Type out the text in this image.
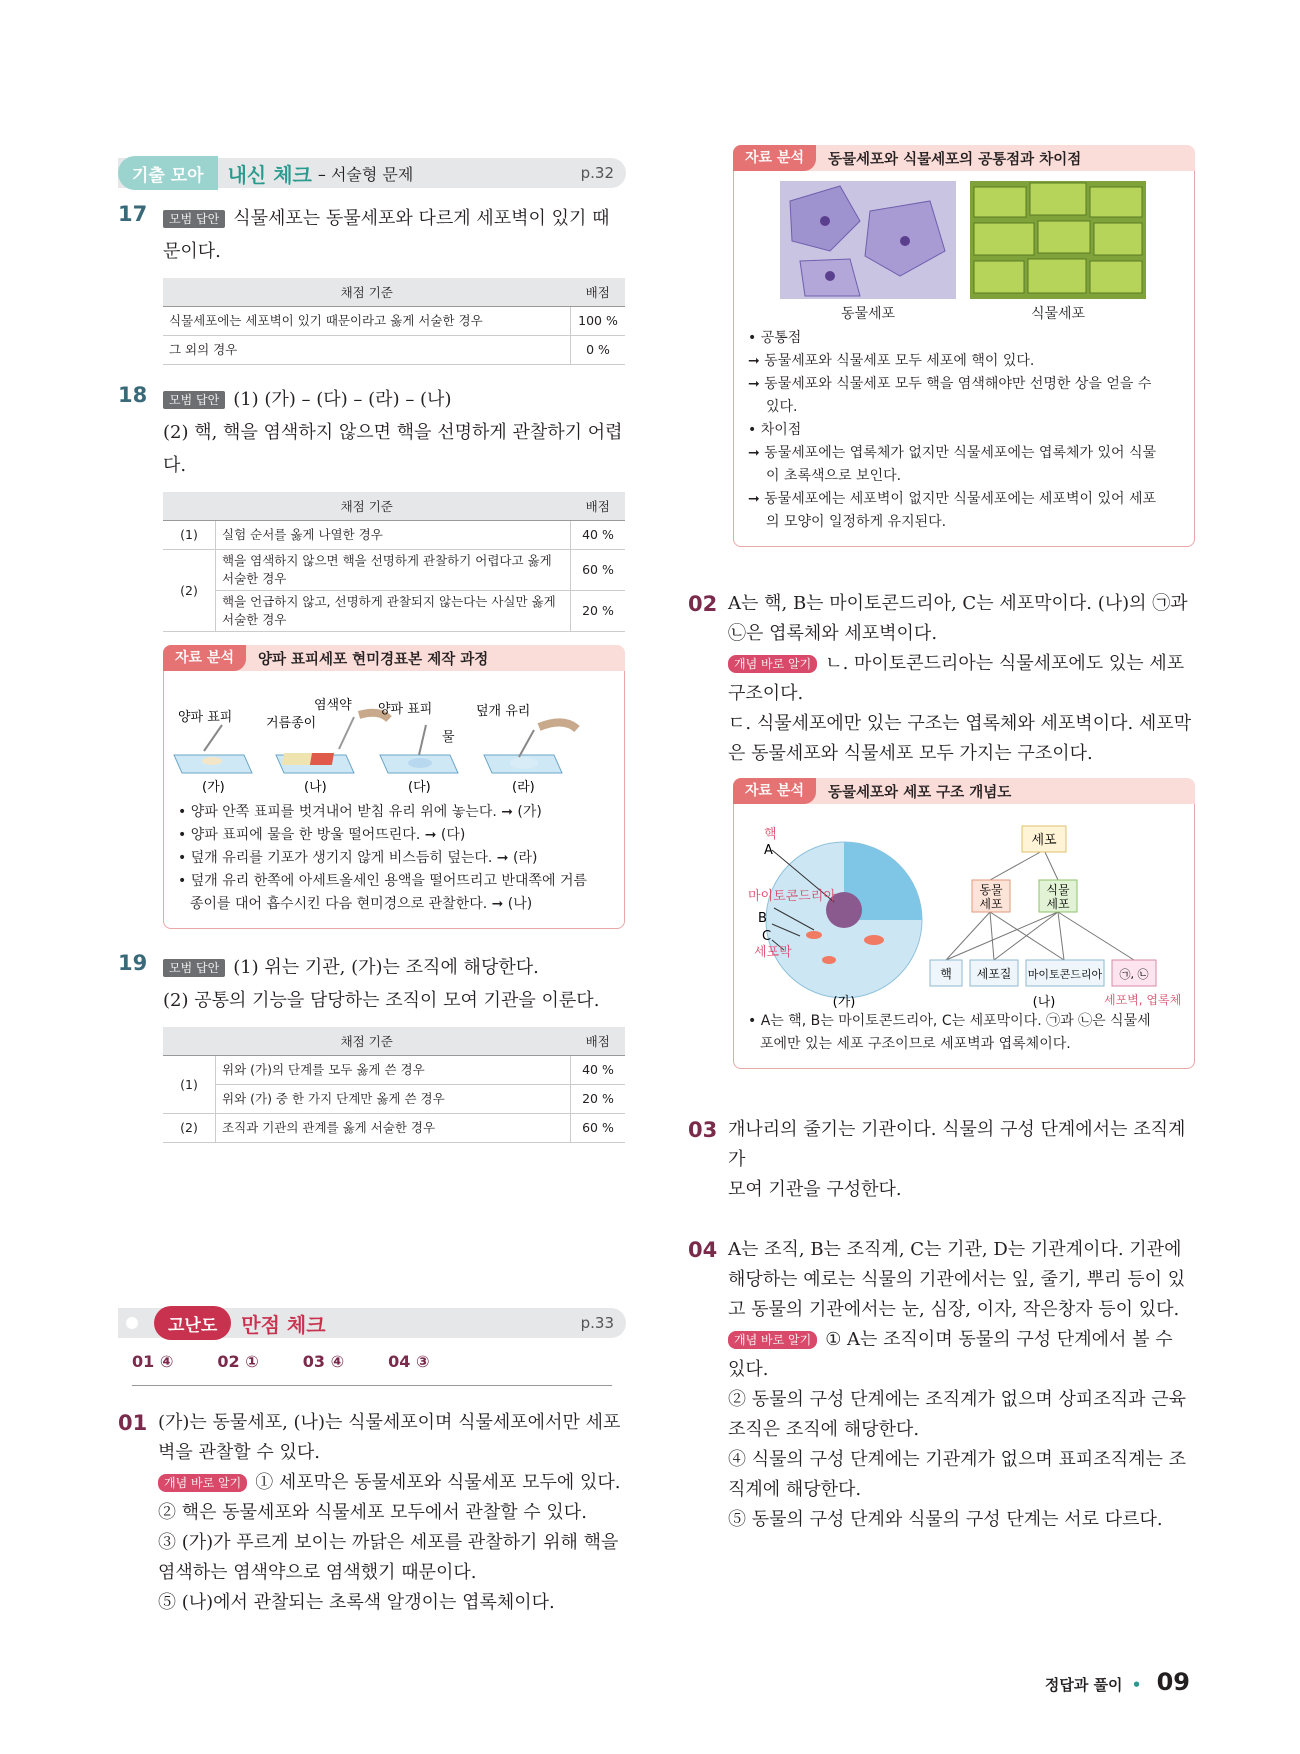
기출 모아	내신 체크 – 서술형 문제	p.32
17	모범 답안 식물세포는 동물세포와 다르게 세포벽이 있기 때
문이다.
채점 기준	배점
식물세포에는 세포벽이 있기 때문이라고 옳게 서술한 경우	100 %
그 외의 경우	0 %
18	모범 답안 (1) (가) – (다) – (라) – (나)
(2) 핵, 핵을 염색하지 않으면 핵을 선명하게 관찰하기 어렵다.
채점 기준		배점
(1)	실험 순서를 옳게 나열한 경우	40 %
(2)	핵을 염색하지 않으면 핵을 선명하게 관찰하기 어렵다고 옳게 서술한 경우	60 %
	핵을 언급하지 않고, 선명하게 관찰되지 않는다는 사실만 옳게 서술한 경우	20 %
자료 분석	양파 표피세포 현미경표본 제작 과정
양파 표피
염색약
거름종이
양파 표피
물
덮개 유리
(가)	(나)	(다)	(라)
• 양파 안쪽 표피를 벗겨내어 받침 유리 위에 놓는다. ➞ (가)
• 양파 표피에 물을 한 방울 떨어뜨린다. ➞ (다)
• 덮개 유리를 기포가 생기지 않게 비스듬히 덮는다. ➞ (라)
• 덮개 유리 한쪽에 아세트올세인 용액을 떨어뜨리고 반대쪽에 거름
종이를 대어 흡수시킨 다음 현미경으로 관찰한다. ➞ (나)
19	모범 답안 (1) 위는 기관, (가)는 조직에 해당한다.
(2) 공통의 기능을 담당하는 조직이 모여 기관을 이룬다.
채점 기준		배점
(1)	위와 (가)의 단계를 모두 옳게 쓴 경우	40 %
	위와 (가) 중 한 가지 단계만 옳게 쓴 경우	20 %
(2)	조직과 기관의 관계를 옳게 서술한 경우	60 %
고난도	만점 체크	p.33
01 ④	02 ①	03 ④	04 ③
01 (가)는 동물세포, (나)는 식물세포이며 식물세포에서만 세포
벽을 관찰할 수 있다.
개념 바로 알기 ① 세포막은 동물세포와 식물세포 모두에 있다.
② 핵은 동물세포와 식물세포 모두에서 관찰할 수 있다.
③ (가)가 푸르게 보이는 까닭은 세포를 관찰하기 위해 핵을
염색하는 염색약으로 염색했기 때문이다.
⑤ (나)에서 관찰되는 초록색 알갱이는 엽록체이다.
자료 분석	동물세포와 식물세포의 공통점과 차이점
동물세포	식물세포
• 공통점
➞ 동물세포와 식물세포 모두 세포에 핵이 있다.
➞ 동물세포와 식물세포 모두 핵을 염색해야만 선명한 상을 얻을 수
있다.
• 차이점
➞ 동물세포에는 엽록체가 없지만 식물세포에는 엽록체가 있어 식물
이 초록색으로 보인다.
➞ 동물세포에는 세포벽이 없지만 식물세포에는 세포벽이 있어 세포
의 모양이 일정하게 유지된다.
02 A는 핵, B는 마이토콘드리아, C는 세포막이다. (나)의 ㉠과
㉡은 엽록체와 세포벽이다.
개념 바로 알기 ㄴ. 마이토콘드리아는 식물세포에도 있는 세포
구조이다.
ㄷ. 식물세포에만 있는 구조는 엽록체와 세포벽이다. 세포막
은 동물세포와 식물세포 모두 가지는 구조이다.
자료 분석	동물세포와 세포 구조 개념도
핵
A
마이토콘드리아
B
C
세포막
세포
동물 세포
식물 세포
핵 세포질 마이토콘드리아 ㉠, ㉡
세포벽, 엽록체
(가)	(나)
• A는 핵, B는 마이토콘드리아, C는 세포막이다. ㉠과 ㉡은 식물세
포에만 있는 세포 구조이므로 세포벽과 엽록체이다.
03 개나리의 줄기는 기관이다. 식물의 구성 단계에서는 조직계가
모여 기관을 구성한다.
04 A는 조직, B는 조직계, C는 기관, D는 기관계이다. 기관에
해당하는 예로는 식물의 기관에서는 잎, 줄기, 뿌리 등이 있
고 동물의 기관에서는 눈, 심장, 이자, 작은창자 등이 있다.
개념 바로 알기 ① A는 조직이며 동물의 구성 단계에서 볼 수
있다.
② 동물의 구성 단계에는 조직계가 없으며 상피조직과 근육
조직은 조직에 해당한다.
④ 식물의 구성 단계에는 기관계가 없으며 표피조직계는 조
직계에 해당한다.
⑤ 동물의 구성 단계와 식물의 구성 단계는 서로 다르다.
정답과 풀이 • 09
